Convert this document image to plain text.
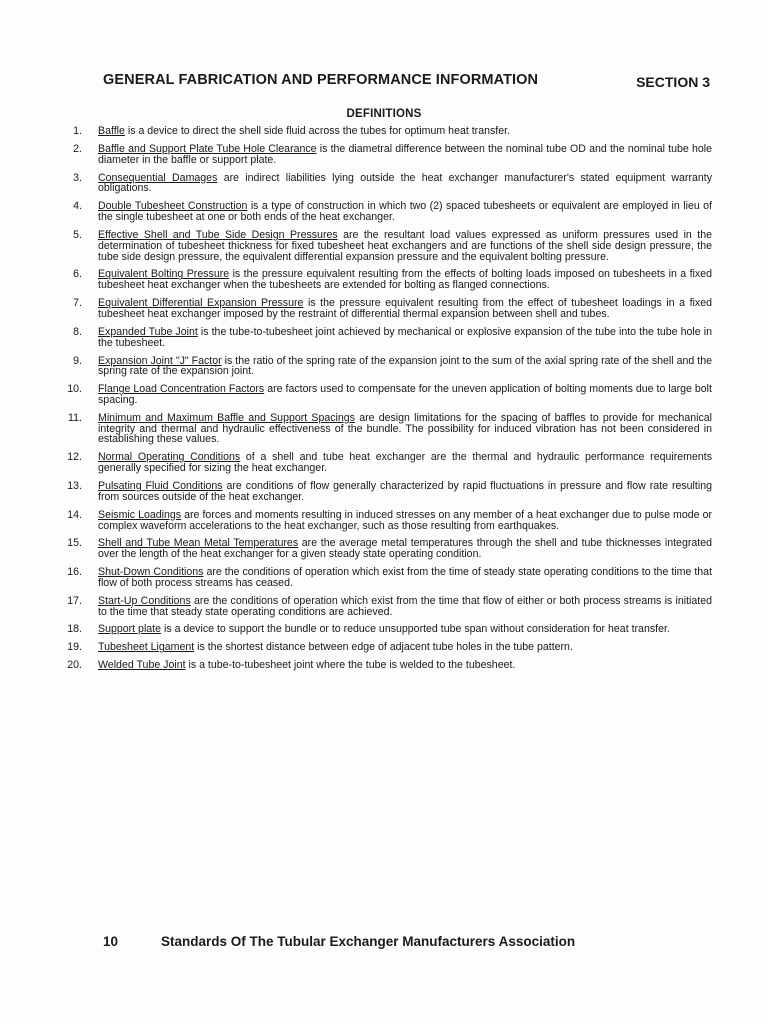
GENERAL FABRICATION AND PERFORMANCE INFORMATION	SECTION 3
DEFINITIONS
1. Baffle is a device to direct the shell side fluid across the tubes for optimum heat transfer.
2. Baffle and Support Plate Tube Hole Clearance is the diametral difference between the nominal tube OD and the nominal tube hole diameter in the baffle or support plate.
3. Consequential Damages are indirect liabilities lying outside the heat exchanger manufacturer's stated equipment warranty obligations.
4. Double Tubesheet Construction is a type of construction in which two (2) spaced tubesheets or equivalent are employed in lieu of the single tubesheet at one or both ends of the heat exchanger.
5. Effective Shell and Tube Side Design Pressures are the resultant load values expressed as uniform pressures used in the determination of tubesheet thickness for fixed tubesheet heat exchangers and are functions of the shell side design pressure, the tube side design pressure, the equivalent differential expansion pressure and the equivalent bolting pressure.
6. Equivalent Bolting Pressure is the pressure equivalent resulting from the effects of bolting loads imposed on tubesheets in a fixed tubesheet heat exchanger when the tubesheets are extended for bolting as flanged connections.
7. Equivalent Differential Expansion Pressure is the pressure equivalent resulting from the effect of tubesheet loadings in a fixed tubesheet heat exchanger imposed by the restraint of differential thermal expansion between shell and tubes.
8. Expanded Tube Joint is the tube-to-tubesheet joint achieved by mechanical or explosive expansion of the tube into the tube hole in the tubesheet.
9. Expansion Joint "J" Factor is the ratio of the spring rate of the expansion joint to the sum of the axial spring rate of the shell and the spring rate of the expansion joint.
10. Flange Load Concentration Factors are factors used to compensate for the uneven application of bolting moments due to large bolt spacing.
11. Minimum and Maximum Baffle and Support Spacings are design limitations for the spacing of baffles to provide for mechanical integrity and thermal and hydraulic effectiveness of the bundle. The possibility for induced vibration has not been considered in establishing these values.
12. Normal Operating Conditions of a shell and tube heat exchanger are the thermal and hydraulic performance requirements generally specified for sizing the heat exchanger.
13. Pulsating Fluid Conditions are conditions of flow generally characterized by rapid fluctuations in pressure and flow rate resulting from sources outside of the heat exchanger.
14. Seismic Loadings are forces and moments resulting in induced stresses on any member of a heat exchanger due to pulse mode or complex waveform accelerations to the heat exchanger, such as those resulting from earthquakes.
15. Shell and Tube Mean Metal Temperatures are the average metal temperatures through the shell and tube thicknesses integrated over the length of the heat exchanger for a given steady state operating condition.
16. Shut-Down Conditions are the conditions of operation which exist from the time of steady state operating conditions to the time that flow of both process streams has ceased.
17. Start-Up Conditions are the conditions of operation which exist from the time that flow of either or both process streams is initiated to the time that steady state operating conditions are achieved.
18. Support plate is a device to support the bundle or to reduce unsupported tube span without consideration for heat transfer.
19. Tubesheet Ligament is the shortest distance between edge of adjacent tube holes in the tube pattern.
20. Welded Tube Joint is a tube-to-tubesheet joint where the tube is welded to the tubesheet.
10	Standards Of The Tubular Exchanger Manufacturers Association
